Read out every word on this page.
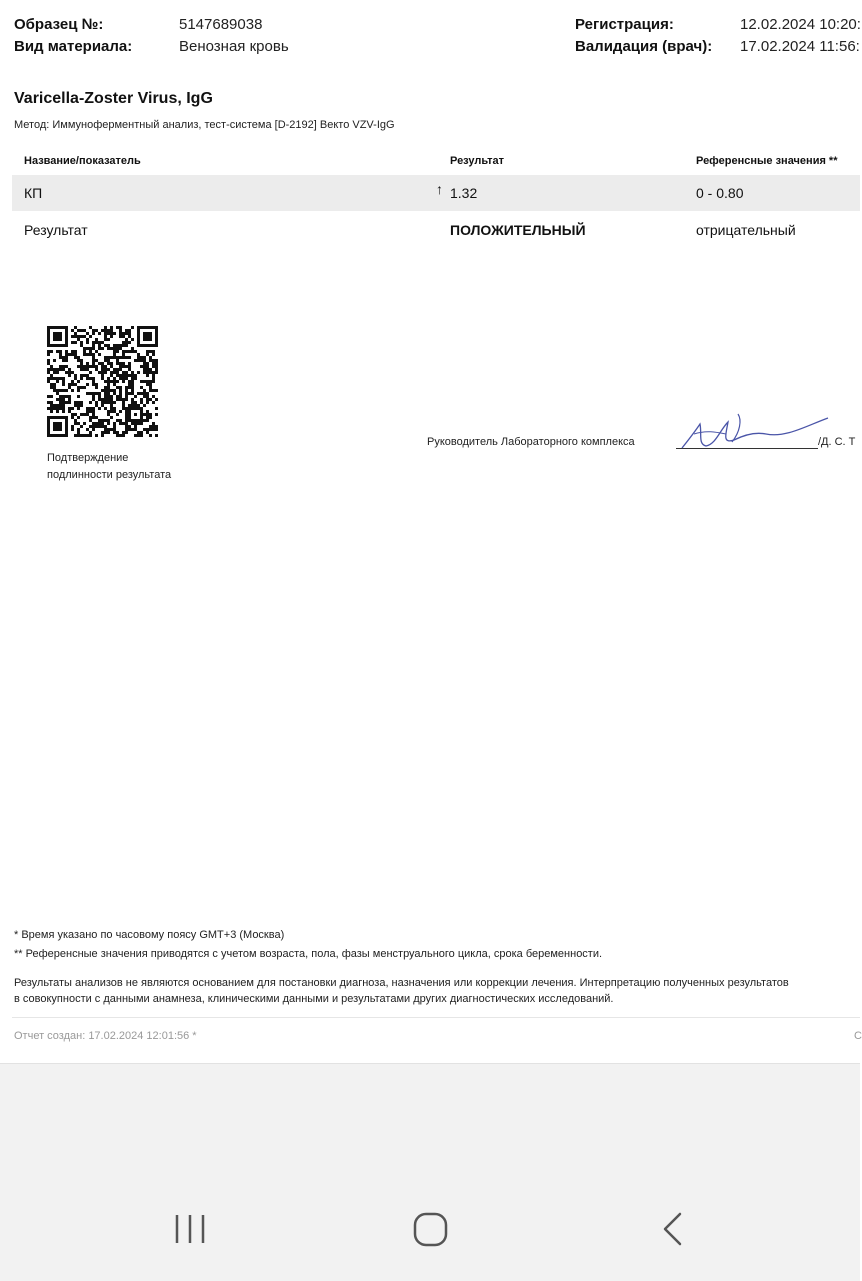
Образец №:	5147689038
Вид материала:	Венозная кровь
Регистрация:	12.02.2024 10:20:
Валидация (врач): 17.02.2024 11:56:
Varicella-Zoster Virus, IgG
Метод: Иммуноферментный анализ, тест-система [D-2192] Векто VZV-IgG
Название/показатель	Результат	Референсные значения **
КП	↑ 1.32	0 - 0.80
Результат	ПОЛОЖИТЕЛЬНЫЙ	отрицательный
Подтверждение
подлинности результата
Руководитель Лабораторного комплекса	/Д. С. Т
* Время указано по часовому поясу GMT+3 (Москва)
** Референсные значения приводятся с учетом возраста, пола, фазы менструального цикла, срока беременности.
Результаты анализов не являются основанием для постановки диагноза, назначения или коррекции лечения. Интерпретацию полученных результатов
в совокупности с данными анамнеза, клиническими данными и результатами других диагностических исследований.
Отчет создан: 17.02.2024 12:01:56 *	С
